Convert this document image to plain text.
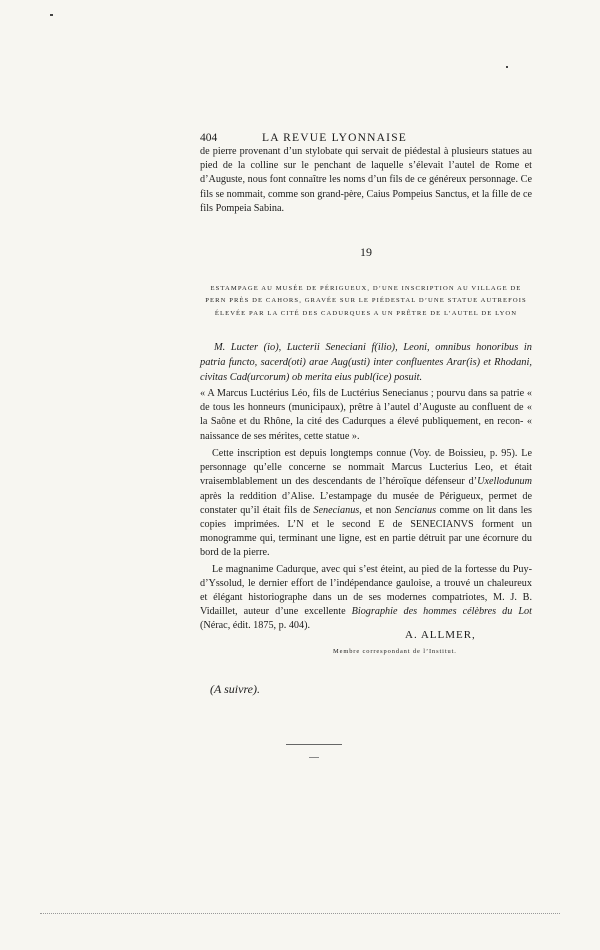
404	LA REVUE LYONNAISE

de pierre provenant d’un stylobate qui servait de piédestal à plusieurs statues au pied de la colline sur le penchant de laquelle s’élevait l’autel de Rome et d’Auguste, nous font connaître les noms d’un fils de ce généreux personnage. Ce fils se nommait, comme son grand-père, Caius Pompeius Sanctus, et la fille de ce fils Pompeia Sabina.

19
ESTAMPAGE AU MUSÉE DE PÉRIGUEUX, D’UNE INSCRIPTION AU VILLAGE DE PERN PRÈS DE CAHORS, GRAVÉE SUR LE PIÉDESTAL D’UNE STATUE AUTREFOIS ÉLEVÉE PAR LA CITÉ DES CADURQUES A UN PRÊTRE DE L’AUTEL DE LYON

M. Lucter (io), Lucterii Seneciani f(ilio), Leoni, omnibus honoribus in patria functo, sacerd(oti) arae Aug(usti) inter confluentes Arar(is) et Rhodani, civitas Cad(urcorum) ob merita eius publ(ice) posuit.

« A Marcus Luctérius Léo, fils de Luctérius Senecianus ; pourvu dans sa patrie « de tous les honneurs (municipaux), prêtre à l’autel d’Auguste au confluent de « la Saône et du Rhône, la cité des Cadurques a élevé publiquement, en recon- « naissance de ses mérites, cette statue ».

Cette inscription est depuis longtemps connue (Voy. de Boissieu, p. 95). Le personnage qu’elle concerne se nommait Marcus Lucterius Leo, et était vraisemblablement un des descendants de l’héroïque défenseur d’Uxellodunum après la reddition d’Alise. L’estampage du musée de Périgueux, permet de constater qu’il était fils de Senecianus, et non Sencianus comme on lit dans les copies imprimées. L’N et le second E de SENECIANVS forment un monogramme qui, terminant une ligne, est en partie détruit par une écornure du bord de la pierre.

Le magnanime Cadurque, avec qui s’est éteint, au pied de la fortesse du Puy-d’Yssolud, le dernier effort de l’indépendance gauloise, a trouvé un chaleureux et élégant historiographe dans un de ses modernes compatriotes, M. J. B. Vidaillet, auteur d’une excellente Biographie des hommes célèbres du Lot (Nérac, édit. 1875, p. 404).

A. ALLMER,
Membre correspondant de l’Institut.
(A suivre).
